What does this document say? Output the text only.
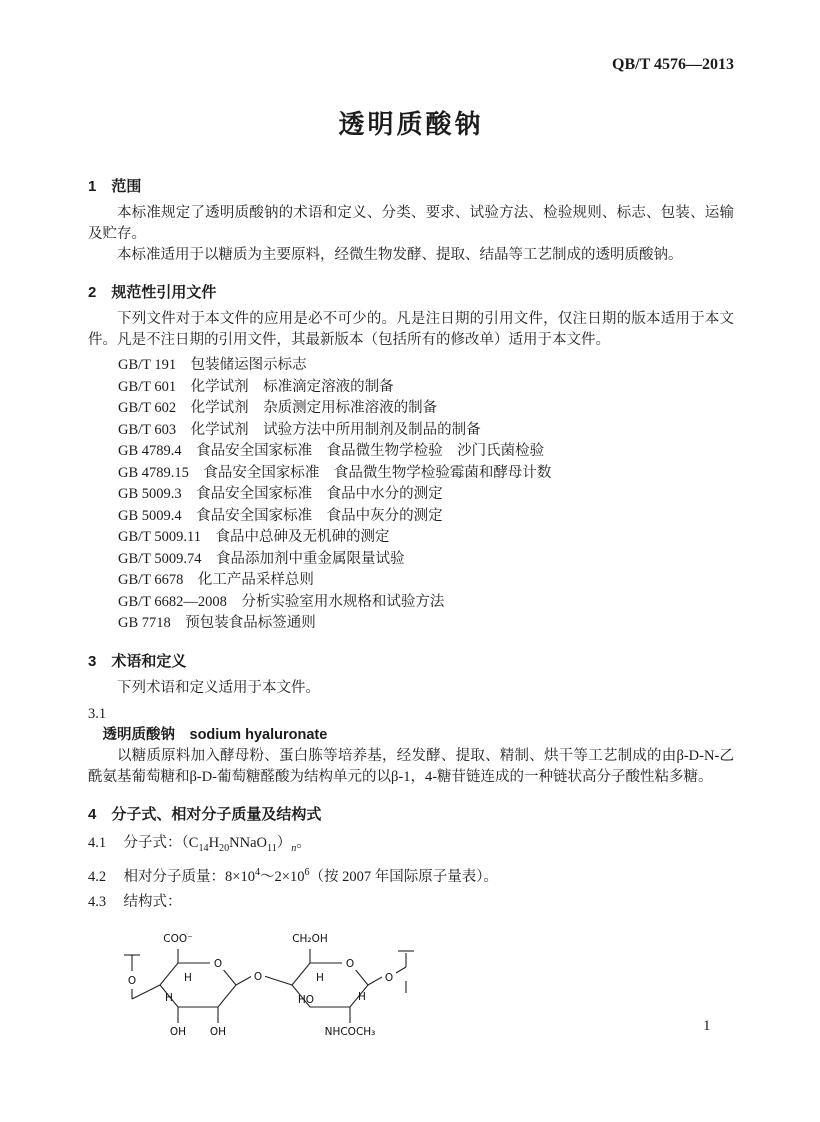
QB/T 4576—2013
透明质酸钠
1　范围

本标准规定了透明质酸钠的术语和定义、分类、要求、试验方法、检验规则、标志、包装、运输及贮存。

本标准适用于以糖质为主要原料，经微生物发酵、提取、结晶等工艺制成的透明质酸钠。

2　规范性引用文件

下列文件对于本文件的应用是必不可少的。凡是注日期的引用文件，仅注日期的版本适用于本文件。凡是不注日期的引用文件，其最新版本（包括所有的修改单）适用于本文件。

GB/T 191　包装储运图示标志
GB/T 601　化学试剂　标准滴定溶液的制备
GB/T 602　化学试剂　杂质测定用标准溶液的制备
GB/T 603　化学试剂　试验方法中所用制剂及制品的制备
GB 4789.4　食品安全国家标准　食品微生物学检验　沙门氏菌检验
GB 4789.15　食品安全国家标准　食品微生物学检验霉菌和酵母计数
GB 5009.3　食品安全国家标准　食品中水分的测定
GB 5009.4　食品安全国家标准　食品中灰分的测定
GB/T 5009.11　食品中总砷及无机砷的测定
GB/T 5009.74　食品添加剂中重金属限量试验
GB/T 6678　化工产品采样总则
GB/T 6682—2008　分析实验室用水规格和试验方法
GB 7718　预包装食品标签通则
3　术语和定义

下列术语和定义适用于本文件。

3.1

透明质酸钠　sodium hyaluronate

以糖质原料加入酵母粉、蛋白胨等培养基，经发酵、提取、精制、烘干等工艺制成的由β-D-N-乙酰氨基葡萄糖和β-D-葡萄糖醛酸为结构单元的以β-1，4-糖苷链连成的一种链状高分子酸性粘多糖。

4　分子式、相对分子质量及结构式

4.1 分子式：$(C_{14}H_{20}NNaO_{11})_n$。

4.2 相对分子质量：$8\times 10^4\sim 2\times 10^6$（按 2007 年国际原子量表）。

4.3 结构式：

O
COO⁻
O
H
H
OH OH
O
CH₂OH
O
H
HO	H
NHCOCH₃
O
1
